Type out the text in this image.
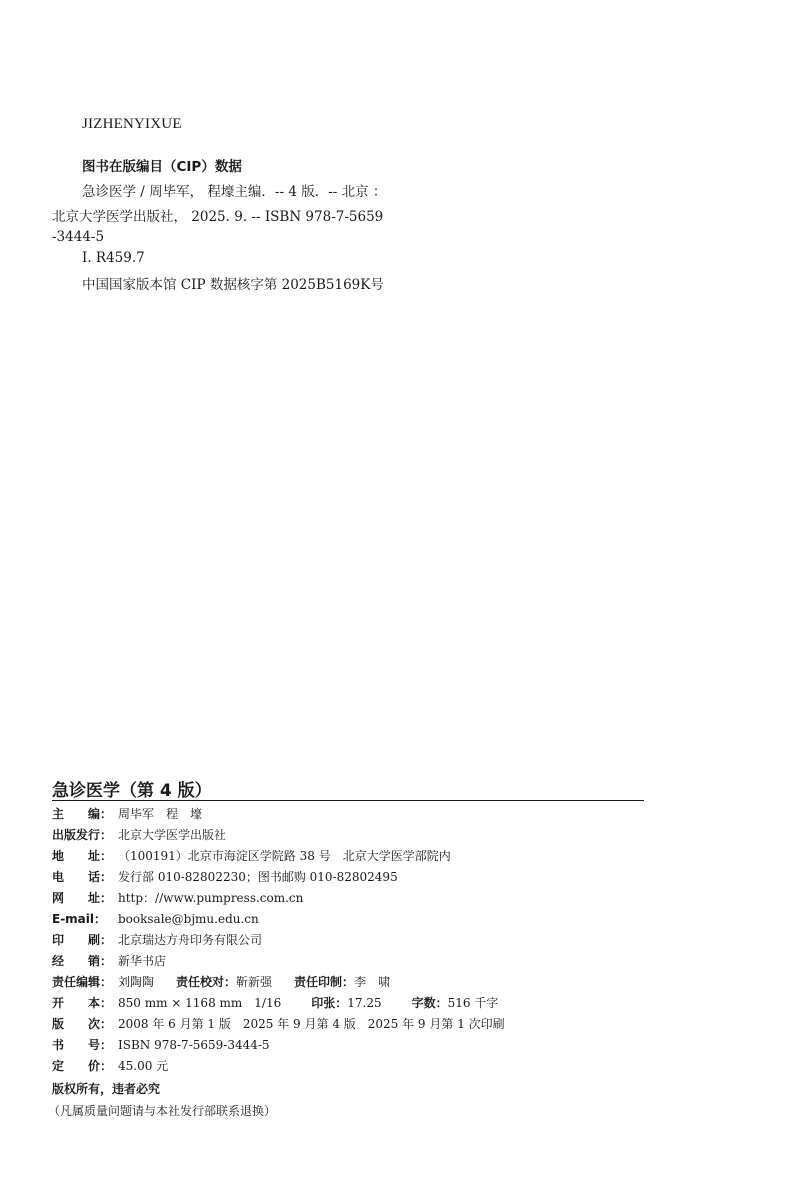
JIZHENYIXUE
图书在版编目（CIP）数据
急诊医学 / 周毕军， 程壕主编．-- 4 版．-- 北京 ：
北京大学医学出版社， 2025. 9. -- ISBN 978-7-5659
-3444-5
Ⅰ. R459.7
中国国家版本馆 CIP 数据核字第 2025B5169K号
急诊医学（第 4 版）
主　　编： 周毕军　程　壕
出版发行： 北京大学医学出版社
地　　址： （100191）北京市海淀区学院路 38 号　北京大学医学部院内
电　　话： 发行部 010-82802230；图书邮购 010-82802495
网　　址： http：//www.pumpress.com.cn
E-mail： booksale@bjmu.edu.cn
印　　刷： 北京瑞达方舟印务有限公司
经　　销： 新华书店
责任编辑： 刘陶陶 责任校对：靳新强 责任印制：李　啸
开　　本： 850 mm × 1168 mm　1/16	印张：17.25	字数：516 千字
版　　次： 2008 年 6 月第 1 版　2025 年 9 月第 4 版　2025 年 9 月第 1 次印刷
书　　号： ISBN 978-7-5659-3444-5
定　　价： 45.00 元
版权所有，违者必究
（凡属质量问题请与本社发行部联系退换）
